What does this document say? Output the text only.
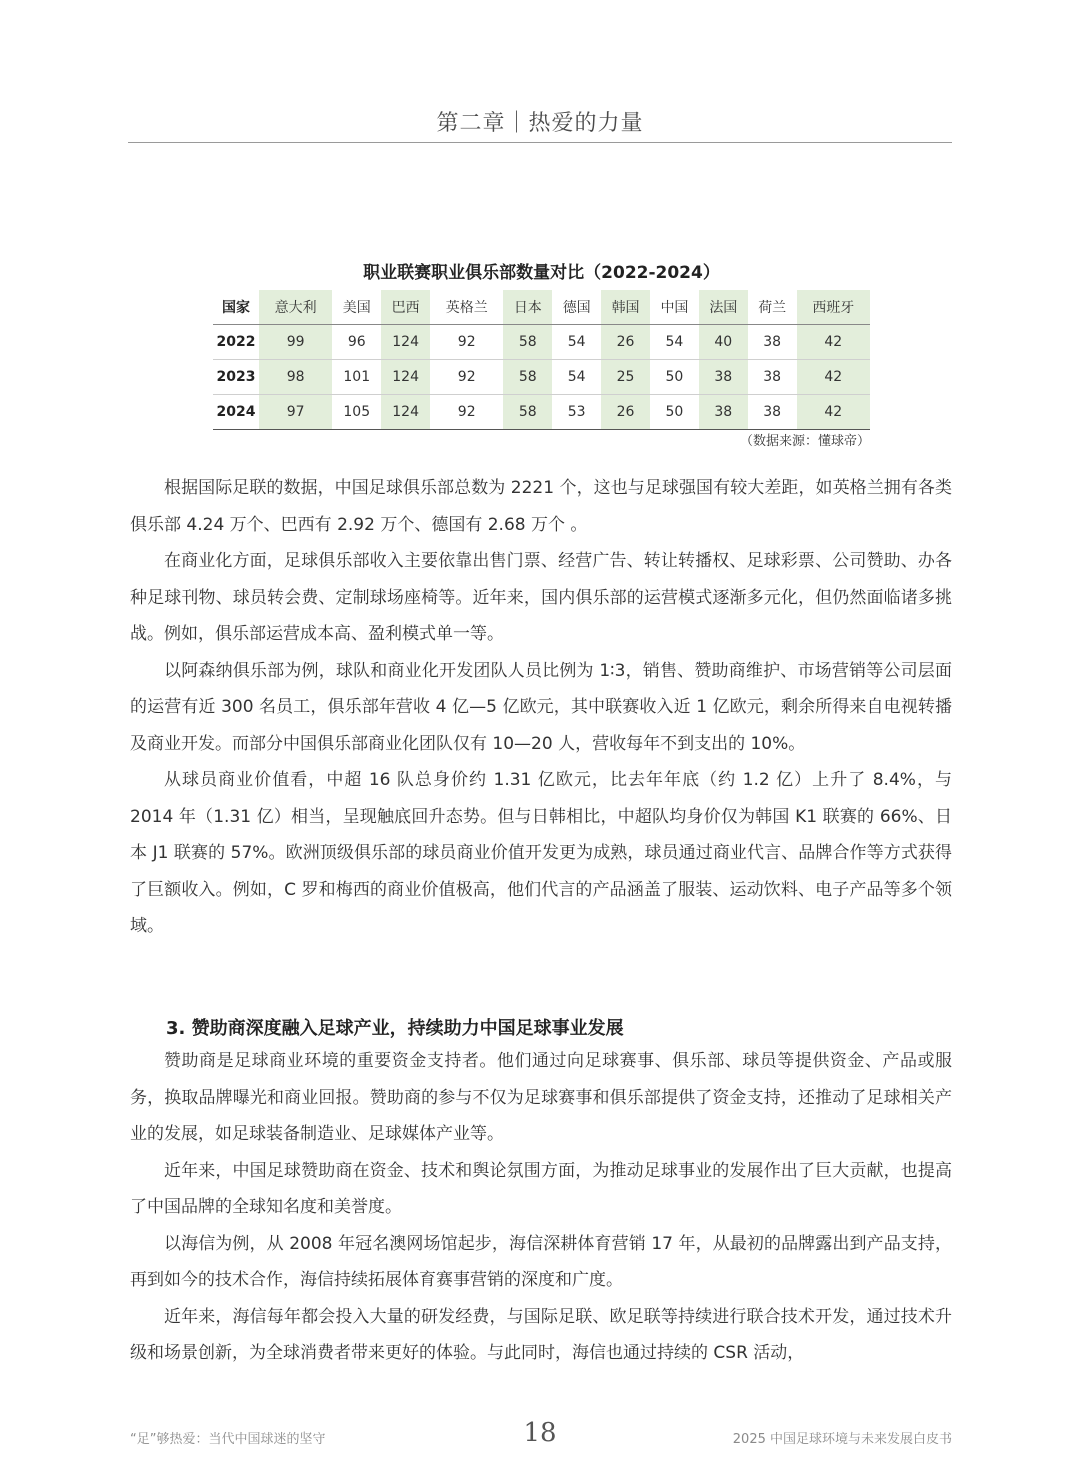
第二章｜热爱的力量
职业联赛职业俱乐部数量对比（2022-2024）
国家	意大利	美国	巴西	英格兰	日本	德国	韩国	中国	法国	荷兰	西班牙
2022	99	96	124	92	58	54	26	54	40	38	42
2023	98	101	124	92	58	54	25	50	38	38	42
2024	97	105	124	92	58	53	26	50	38	38	42
（数据来源：懂球帝）

根据国际足联的数据，中国足球俱乐部总数为 2221 个，这也与足球强国有较大差距，如英格兰拥有各类俱乐部 4.24 万个、巴西有 2.92 万个、德国有 2.68 万个 。

在商业化方面，足球俱乐部收入主要依靠出售门票、经营广告、转让转播权、足球彩票、公司赞助、办各种足球刊物、球员转会费、定制球场座椅等。近年来，国内俱乐部的运营模式逐渐多元化，但仍然面临诸多挑战。例如，俱乐部运营成本高、盈利模式单一等。

以阿森纳俱乐部为例，球队和商业化开发团队人员比例为 1∶3，销售、赞助商维护、市场营销等公司层面的运营有近 300 名员工，俱乐部年营收 4 亿—5 亿欧元，其中联赛收入近 1 亿欧元，剩余所得来自电视转播及商业开发。而部分中国俱乐部商业化团队仅有 10—20 人，营收每年不到支出的 10%。

从球员商业价值看，中超 16 队总身价约 1.31 亿欧元，比去年年底（约 1.2 亿）上升了 8.4%，与 2014 年（1.31 亿）相当，呈现触底回升态势。但与日韩相比，中超队均身价仅为韩国 K1 联赛的 66%、日本 J1 联赛的 57%。欧洲顶级俱乐部的球员商业价值开发更为成熟，球员通过商业代言、品牌合作等方式获得了巨额收入。例如，C 罗和梅西的商业价值极高，他们代言的产品涵盖了服装、运动饮料、电子产品等多个领域。

3. 赞助商深度融入足球产业，持续助力中国足球事业发展

赞助商是足球商业环境的重要资金支持者。他们通过向足球赛事、俱乐部、球员等提供资金、产品或服务，换取品牌曝光和商业回报。赞助商的参与不仅为足球赛事和俱乐部提供了资金支持，还推动了足球相关产业的发展，如足球装备制造业、足球媒体产业等。

近年来，中国足球赞助商在资金、技术和舆论氛围方面，为推动足球事业的发展作出了巨大贡献，也提高了中国品牌的全球知名度和美誉度。

以海信为例，从 2008 年冠名澳网场馆起步，海信深耕体育营销 17 年，从最初的品牌露出到产品支持，再到如今的技术合作，海信持续拓展体育赛事营销的深度和广度。

近年来，海信每年都会投入大量的研发经费，与国际足联、欧足联等持续进行联合技术开发，通过技术升级和场景创新，为全球消费者带来更好的体验。与此同时，海信也通过持续的 CSR 活动，

“足”够热爱：当代中国球迷的坚守	18	2025 中国足球环境与未来发展白皮书
